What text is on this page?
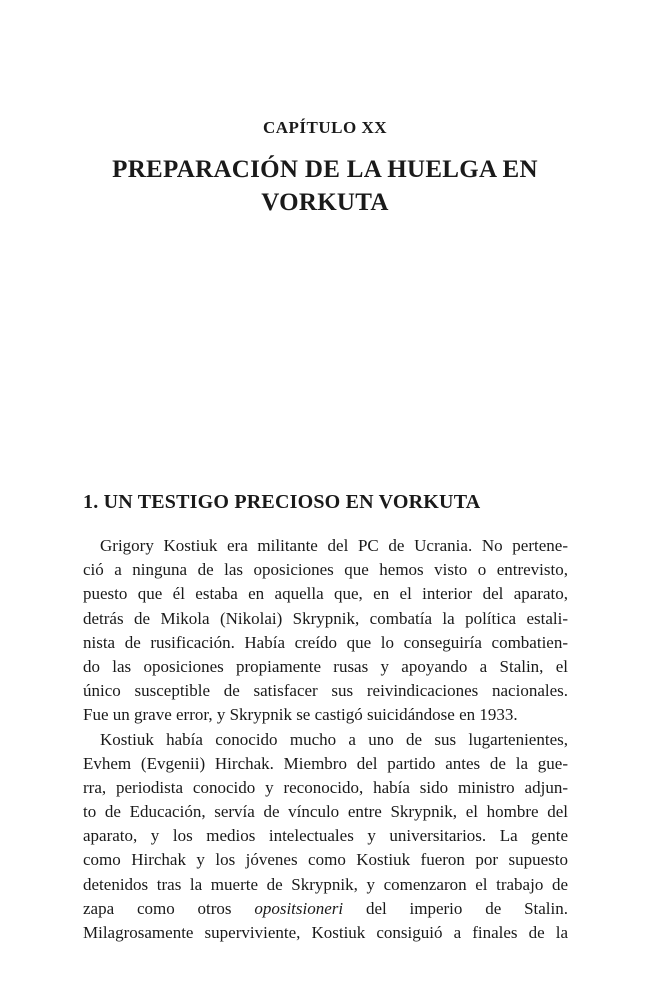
CAPÍTULO XX
PREPARACIÓN DE LA HUELGA EN
VORKUTA
1. UN TESTIGO PRECIOSO EN VORKUTA
Grigory Kostiuk era militante del PC de Ucrania. No pertene-
ció a ninguna de las oposiciones que hemos visto o entrevisto,
puesto que él estaba en aquella que, en el interior del aparato,
detrás de Mikola (Nikolai) Skrypnik, combatía la política estali-
nista de rusificación. Había creído que lo conseguiría combatien-
do las oposiciones propiamente rusas y apoyando a Stalin, el
único susceptible de satisfacer sus reivindicaciones nacionales.
Fue un grave error, y Skrypnik se castigó suicidándose en 1933.
Kostiuk había conocido mucho a uno de sus lugartenientes,
Evhem (Evgenii) Hirchak. Miembro del partido antes de la gue-
rra, periodista conocido y reconocido, había sido ministro adjun-
to de Educación, servía de vínculo entre Skrypnik, el hombre del
aparato, y los medios intelectuales y universitarios. La gente
como Hirchak y los jóvenes como Kostiuk fueron por supuesto
detenidos tras la muerte de Skrypnik, y comenzaron el trabajo de
zapa como otros opositsioneri del imperio de Stalin.
Milagrosamente superviviente, Kostiuk consiguió a finales de la
